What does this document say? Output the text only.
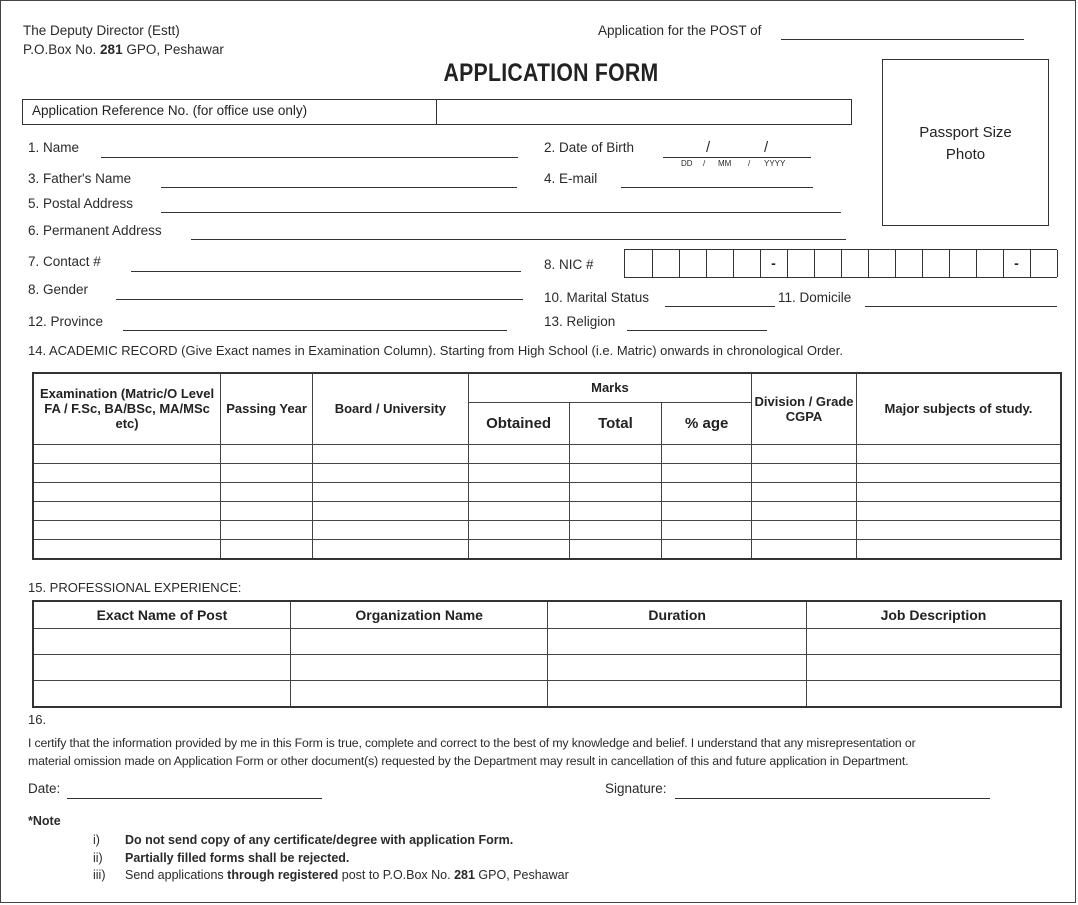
The Deputy Director (Estt)
P.O.Box No. 281 GPO, Peshawar
Application for the POST of
APPLICATION FORM
Passport Size
Photo
Application Reference No. (for office use only)
1. Name	2. Date of Birth	/	/
DD / MM / YYYY
3. Father's Name	4. E-mail
5. Postal Address
6. Permanent Address
7. Contact #	8. NIC #	-	-
8. Gender
10. Marital Status	11. Domicile
12. Province	13. Religion
14. ACADEMIC RECORD (Give Exact names in Examination Column). Starting from High School (i.e. Matric) onwards in chronological Order.
Examination (Matric/O Level FA / F.Sc, BA/BSc, MA/MSc etc)	Passing Year	Board / University	Marks			Division / Grade CGPA	Major subjects of study.
			Obtained	Total	% age		

15. PROFESSIONAL EXPERIENCE:
Exact Name of Post	Organization Name	Duration	Job Description

16.
I certify that the information provided by me in this Form is true, complete and correct to the best of my knowledge and belief. I understand that any misrepresentation or
material omission made on Application Form or other document(s) requested by the Department may result in cancellation of this and future application in Department.
Date:	Signature:
*Note
i) Do not send copy of any certificate/degree with application Form.
ii) Partially filled forms shall be rejected.
iii) Send applications through registered post to P.O.Box No. 281 GPO, Peshawar
